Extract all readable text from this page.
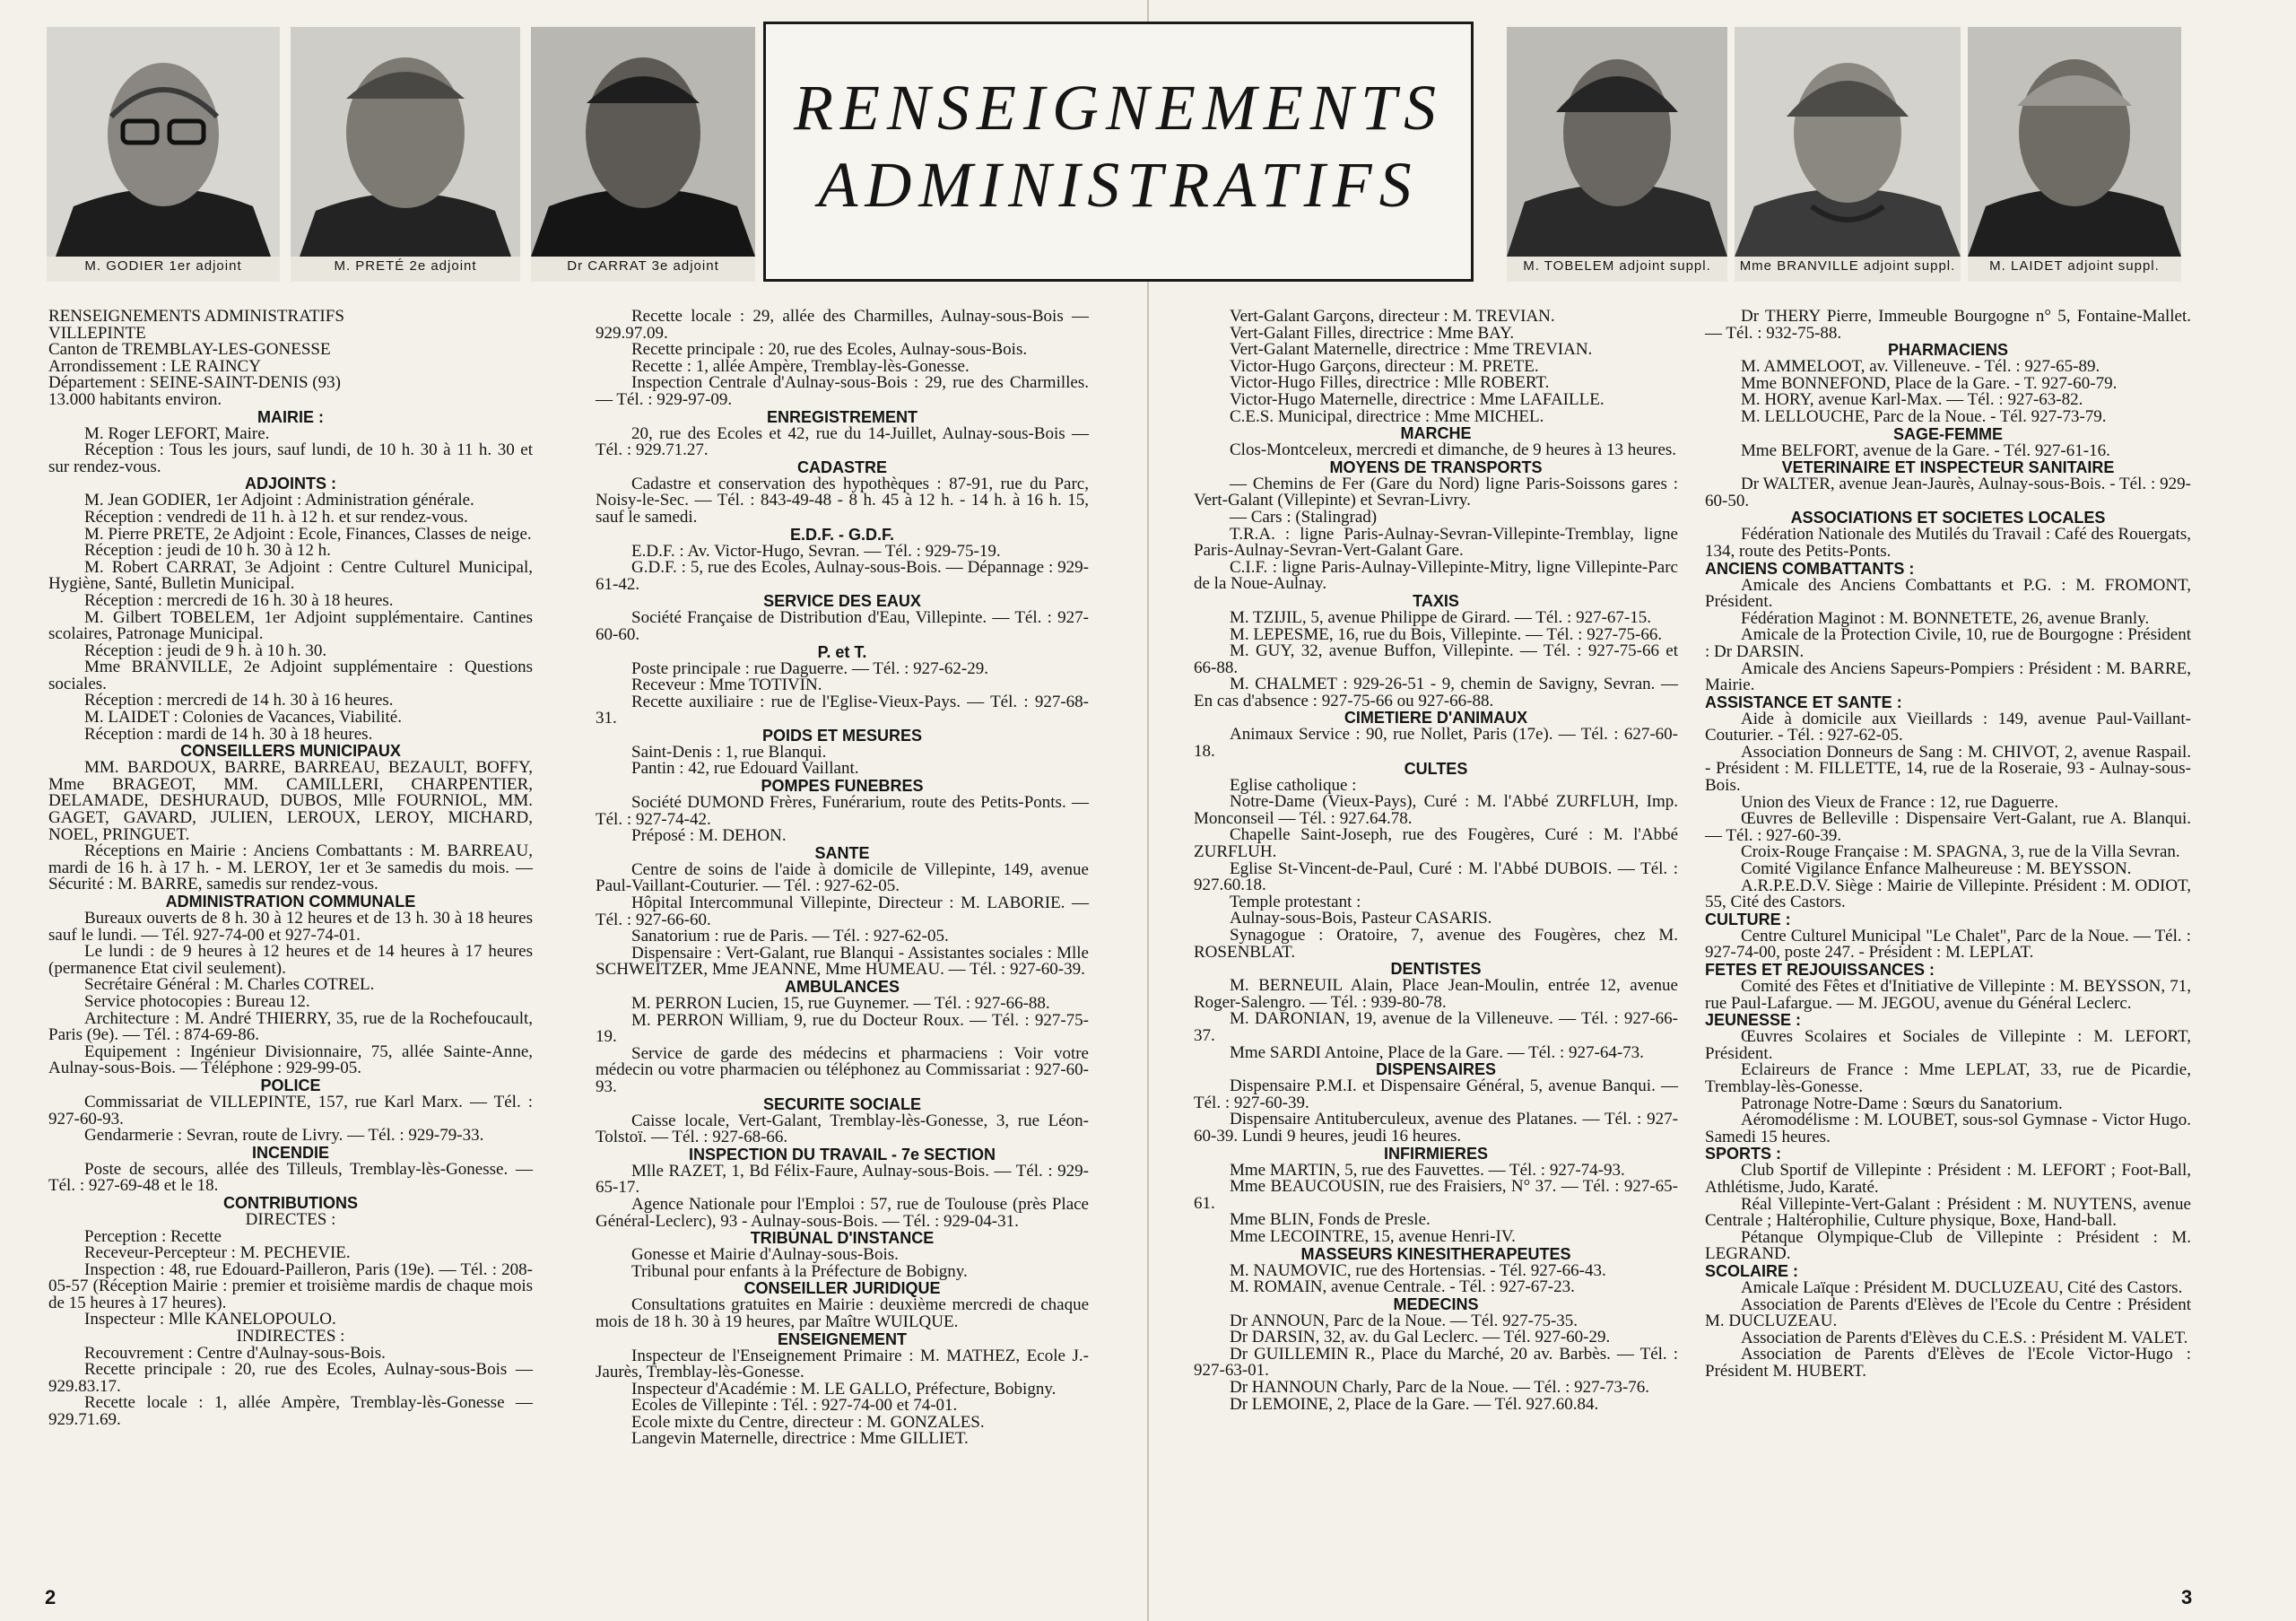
M. GODIER 1er adjoint	M. PRETÉ 2e adjoint	Dr CARRAT 3e adjoint
RENSEIGNEMENTS
ADMINISTRATIFS
M. TOBELEM adjoint suppl.	Mme BRANVILLE adjoint suppl.	M. LAIDET adjoint suppl.

RENSEIGNEMENTS ADMINISTRATIFS

VILLEPINTE

Canton de TREMBLAY-LES-GONESSE

Arrondissement : LE RAINCY

Département : SEINE-SAINT-DENIS (93)

13.000 habitants environ.

MAIRIE :

M. Roger LEFORT, Maire.

Réception : Tous les jours, sauf lundi, de 10 h. 30 à 11 h. 30 et sur rendez-vous.

ADJOINTS :

M. Jean GODIER, 1er Adjoint : Administration générale.

Réception : vendredi de 11 h. à 12 h. et sur rendez-vous.

M. Pierre PRETE, 2e Adjoint : Ecole, Finances, Classes de neige.

Réception : jeudi de 10 h. 30 à 12 h.

M. Robert CARRAT, 3e Adjoint : Centre Culturel Municipal, Hygiène, Santé, Bulletin Municipal.

Réception : mercredi de 16 h. 30 à 18 heures.

M. Gilbert TOBELEM, 1er Adjoint supplémentaire. Cantines scolaires, Patronage Municipal.

Réception : jeudi de 9 h. à 10 h. 30.

Mme BRANVILLE, 2e Adjoint supplémentaire : Questions sociales.

Réception : mercredi de 14 h. 30 à 16 heures.

M. LAIDET : Colonies de Vacances, Viabilité.

Réception : mardi de 14 h. 30 à 18 heures.

CONSEILLERS MUNICIPAUX

MM. BARDOUX, BARRE, BARREAU, BEZAULT, BOFFY, Mme BRAGEOT, MM. CAMILLERI, CHARPENTIER, DELAMADE, DESHURAUD, DUBOS, Mlle FOURNIOL, MM. GAGET, GAVARD, JULIEN, LEROUX, LEROY, MICHARD, NOEL, PRINGUET.

Réceptions en Mairie : Anciens Combattants : M. BARREAU, mardi de 16 h. à 17 h. - M. LEROY, 1er et 3e samedis du mois. — Sécurité : M. BARRE, samedis sur rendez-vous.

ADMINISTRATION COMMUNALE

Bureaux ouverts de 8 h. 30 à 12 heures et de 13 h. 30 à 18 heures sauf le lundi. — Tél. 927-74-00 et 927-74-01.

Le lundi : de 9 heures à 12 heures et de 14 heures à 17 heures (permanence Etat civil seulement).

Secrétaire Général : M. Charles COTREL.

Service photocopies : Bureau 12.

Architecture : M. André THIERRY, 35, rue de la Rochefoucault, Paris (9e). — Tél. : 874-69-86.

Equipement : Ingénieur Divisionnaire, 75, allée Sainte-Anne, Aulnay-sous-Bois. — Téléphone : 929-99-05.

POLICE

Commissariat de VILLEPINTE, 157, rue Karl Marx. — Tél. : 927-60-93.

Gendarmerie : Sevran, route de Livry. — Tél. : 929-79-33.

INCENDIE

Poste de secours, allée des Tilleuls, Tremblay-lès-Gonesse. — Tél. : 927-69-48 et le 18.

CONTRIBUTIONS

DIRECTES :

Perception : Recette

Receveur-Percepteur : M. PECHEVIE.

Inspection : 48, rue Edouard-Pailleron, Paris (19e). — Tél. : 208-05-57 (Réception Mairie : premier et troisième mardis de chaque mois de 15 heures à 17 heures).

Inspecteur : Mlle KANELOPOULO.

INDIRECTES :

Recouvrement : Centre d'Aulnay-sous-Bois.

Recette principale : 20, rue des Ecoles, Aulnay-sous-Bois — 929.83.17.

Recette locale : 1, allée Ampère, Tremblay-lès-Gonesse — 929.71.69.

Recette locale : 29, allée des Charmilles, Aulnay-sous-Bois — 929.97.09.

Recette principale : 20, rue des Ecoles, Aulnay-sous-Bois.

Recette : 1, allée Ampère, Tremblay-lès-Gonesse.

Inspection Centrale d'Aulnay-sous-Bois : 29, rue des Charmilles. — Tél. : 929-97-09.

ENREGISTREMENT

20, rue des Ecoles et 42, rue du 14-Juillet, Aulnay-sous-Bois — Tél. : 929.71.27.

CADASTRE

Cadastre et conservation des hypothèques : 87-91, rue du Parc, Noisy-le-Sec. — Tél. : 843-49-48 - 8 h. 45 à 12 h. - 14 h. à 16 h. 15, sauf le samedi.

E.D.F. - G.D.F.

E.D.F. : Av. Victor-Hugo, Sevran. — Tél. : 929-75-19.

G.D.F. : 5, rue des Ecoles, Aulnay-sous-Bois. — Dépannage : 929-61-42.

SERVICE DES EAUX

Société Française de Distribution d'Eau, Villepinte. — Tél. : 927-60-60.

P. et T.

Poste principale : rue Daguerre. — Tél. : 927-62-29.

Receveur : Mme TOTIVIN.

Recette auxiliaire : rue de l'Eglise-Vieux-Pays. — Tél. : 927-68-31.

POIDS ET MESURES

Saint-Denis : 1, rue Blanqui.

Pantin : 42, rue Edouard Vaillant.

POMPES FUNEBRES

Société DUMOND Frères, Funérarium, route des Petits-Ponts. — Tél. : 927-74-42.

Préposé : M. DEHON.

SANTE

Centre de soins de l'aide à domicile de Villepinte, 149, avenue Paul-Vaillant-Couturier. — Tél. : 927-62-05.

Hôpital Intercommunal Villepinte, Directeur : M. LABORIE. — Tél. : 927-66-60.

Sanatorium : rue de Paris. — Tél. : 927-62-05.

Dispensaire : Vert-Galant, rue Blanqui - Assistantes sociales : Mlle SCHWEITZER, Mme JEANNE, Mme HUMEAU. — Tél. : 927-60-39.

AMBULANCES

M. PERRON Lucien, 15, rue Guynemer. — Tél. : 927-66-88.

M. PERRON William, 9, rue du Docteur Roux. — Tél. : 927-75-19.

Service de garde des médecins et pharmaciens : Voir votre médecin ou votre pharmacien ou téléphonez au Commissariat : 927-60-93.

SECURITE SOCIALE

Caisse locale, Vert-Galant, Tremblay-lès-Gonesse, 3, rue Léon-Tolstoï. — Tél. : 927-68-66.

INSPECTION DU TRAVAIL - 7e SECTION

Mlle RAZET, 1, Bd Félix-Faure, Aulnay-sous-Bois. — Tél. : 929-65-17.

Agence Nationale pour l'Emploi : 57, rue de Toulouse (près Place Général-Leclerc), 93 - Aulnay-sous-Bois. — Tél. : 929-04-31.

TRIBUNAL D'INSTANCE

Gonesse et Mairie d'Aulnay-sous-Bois.

Tribunal pour enfants à la Préfecture de Bobigny.

CONSEILLER JURIDIQUE

Consultations gratuites en Mairie : deuxième mercredi de chaque mois de 18 h. 30 à 19 heures, par Maître WUILQUE.

ENSEIGNEMENT

Inspecteur de l'Enseignement Primaire : M. MATHEZ, Ecole J.-Jaurès, Tremblay-lès-Gonesse.

Inspecteur d'Académie : M. LE GALLO, Préfecture, Bobigny.

Ecoles de Villepinte : Tél. : 927-74-00 et 74-01.

Ecole mixte du Centre, directeur : M. GONZALES.

Langevin Maternelle, directrice : Mme GILLIET.

Vert-Galant Garçons, directeur : M. TREVIAN.

Vert-Galant Filles, directrice : Mme BAY.

Vert-Galant Maternelle, directrice : Mme TREVIAN.

Victor-Hugo Garçons, directeur : M. PRETE.

Victor-Hugo Filles, directrice : Mlle ROBERT.

Victor-Hugo Maternelle, directrice : Mme LAFAILLE.

C.E.S. Municipal, directrice : Mme MICHEL.

MARCHE

Clos-Montceleux, mercredi et dimanche, de 9 heures à 13 heures.

MOYENS DE TRANSPORTS

— Chemins de Fer (Gare du Nord) ligne Paris-Soissons gares : Vert-Galant (Villepinte) et Sevran-Livry.

— Cars : (Stalingrad)

T.R.A. : ligne Paris-Aulnay-Sevran-Villepinte-Tremblay, ligne Paris-Aulnay-Sevran-Vert-Galant Gare.

C.I.F. : ligne Paris-Aulnay-Villepinte-Mitry, ligne Villepinte-Parc de la Noue-Aulnay.

TAXIS

M. TZIJIL, 5, avenue Philippe de Girard. — Tél. : 927-67-15.

M. LEPESME, 16, rue du Bois, Villepinte. — Tél. : 927-75-66.

M. GUY, 32, avenue Buffon, Villepinte. — Tél. : 927-75-66 et 66-88.

M. CHALMET : 929-26-51 - 9, chemin de Savigny, Sevran. — En cas d'absence : 927-75-66 ou 927-66-88.

CIMETIERE D'ANIMAUX

Animaux Service : 90, rue Nollet, Paris (17e). — Tél. : 627-60-18.

CULTES

Eglise catholique :

Notre-Dame (Vieux-Pays), Curé : M. l'Abbé ZURFLUH, Imp. Monconseil — Tél. : 927.64.78.

Chapelle Saint-Joseph, rue des Fougères, Curé : M. l'Abbé ZURFLUH.

Eglise St-Vincent-de-Paul, Curé : M. l'Abbé DUBOIS. — Tél. : 927.60.18.

Temple protestant :

Aulnay-sous-Bois, Pasteur CASARIS.

Synagogue : Oratoire, 7, avenue des Fougères, chez M. ROSENBLAT.

DENTISTES

M. BERNEUIL Alain, Place Jean-Moulin, entrée 12, avenue Roger-Salengro. — Tél. : 939-80-78.

M. DARONIAN, 19, avenue de la Villeneuve. — Tél. : 927-66-37.

Mme SARDI Antoine, Place de la Gare. — Tél. : 927-64-73.

DISPENSAIRES

Dispensaire P.M.I. et Dispensaire Général, 5, avenue Banqui. — Tél. : 927-60-39.

Dispensaire Antituberculeux, avenue des Platanes. — Tél. : 927-60-39. Lundi 9 heures, jeudi 16 heures.

INFIRMIERES

Mme MARTIN, 5, rue des Fauvettes. — Tél. : 927-74-93.

Mme BEAUCOUSIN, rue des Fraisiers, N° 37. — Tél. : 927-65-61.

Mme BLIN, Fonds de Presle.

Mme LECOINTRE, 15, avenue Henri-IV.

MASSEURS KINESITHERAPEUTES

M. NAUMOVIC, rue des Hortensias. - Tél. 927-66-43.

M. ROMAIN, avenue Centrale. - Tél. : 927-67-23.

MEDECINS

Dr ANNOUN, Parc de la Noue. — Tél. 927-75-35.

Dr DARSIN, 32, av. du Gal Leclerc. — Tél. 927-60-29.

Dr GUILLEMIN R., Place du Marché, 20 av. Barbès. — Tél. : 927-63-01.

Dr HANNOUN Charly, Parc de la Noue. — Tél. : 927-73-76.

Dr LEMOINE, 2, Place de la Gare. — Tél. 927.60.84.

Dr THERY Pierre, Immeuble Bourgogne n° 5, Fontaine-Mallet. — Tél. : 932-75-88.

PHARMACIENS

M. AMMELOOT, av. Villeneuve. - Tél. : 927-65-89.

Mme BONNEFOND, Place de la Gare. - T. 927-60-79.

M. HORY, avenue Karl-Max. — Tél. : 927-63-82.

M. LELLOUCHE, Parc de la Noue. - Tél. 927-73-79.

SAGE-FEMME

Mme BELFORT, avenue de la Gare. - Tél. 927-61-16.

VETERINAIRE ET INSPECTEUR SANITAIRE

Dr WALTER, avenue Jean-Jaurès, Aulnay-sous-Bois. - Tél. : 929-60-50.

ASSOCIATIONS ET SOCIETES LOCALES

Fédération Nationale des Mutilés du Travail : Café des Rouergats, 134, route des Petits-Ponts.

ANCIENS COMBATTANTS :

Amicale des Anciens Combattants et P.G. : M. FROMONT, Président.

Fédération Maginot : M. BONNETETE, 26, avenue Branly.

Amicale de la Protection Civile, 10, rue de Bourgogne : Président : Dr DARSIN.

Amicale des Anciens Sapeurs-Pompiers : Président : M. BARRE, Mairie.

ASSISTANCE ET SANTE :

Aide à domicile aux Vieillards : 149, avenue Paul-Vaillant-Couturier. - Tél. : 927-62-05.

Association Donneurs de Sang : M. CHIVOT, 2, avenue Raspail. - Président : M. FILLETTE, 14, rue de la Roseraie, 93 - Aulnay-sous-Bois.

Union des Vieux de France : 12, rue Daguerre.

Œuvres de Belleville : Dispensaire Vert-Galant, rue A. Blanqui. — Tél. : 927-60-39.

Croix-Rouge Française : M. SPAGNA, 3, rue de la Villa Sevran.

Comité Vigilance Enfance Malheureuse : M. BEYSSON.

A.R.P.E.D.V. Siège : Mairie de Villepinte. Président : M. ODIOT, 55, Cité des Castors.

CULTURE :

Centre Culturel Municipal "Le Chalet", Parc de la Noue. — Tél. : 927-74-00, poste 247. - Président : M. LEPLAT.

FETES ET REJOUISSANCES :

Comité des Fêtes et d'Initiative de Villepinte : M. BEYSSON, 71, rue Paul-Lafargue. — M. JEGOU, avenue du Général Leclerc.

JEUNESSE :

Œuvres Scolaires et Sociales de Villepinte : M. LEFORT, Président.

Eclaireurs de France : Mme LEPLAT, 33, rue de Picardie, Tremblay-lès-Gonesse.

Patronage Notre-Dame : Sœurs du Sanatorium.

Aéromodélisme : M. LOUBET, sous-sol Gymnase - Victor Hugo. Samedi 15 heures.

SPORTS :

Club Sportif de Villepinte : Président : M. LEFORT ; Foot-Ball, Athlétisme, Judo, Karaté.

Réal Villepinte-Vert-Galant : Président : M. NUYTENS, avenue Centrale ; Haltérophilie, Culture physique, Boxe, Hand-ball.

Pétanque Olympique-Club de Villepinte : Président : M. LEGRAND.

SCOLAIRE :

Amicale Laïque : Président M. DUCLUZEAU, Cité des Castors.

Association de Parents d'Elèves de l'Ecole du Centre : Président M. DUCLUZEAU.

Association de Parents d'Elèves du C.E.S. : Président M. VALET.

Association de Parents d'Elèves de l'Ecole Victor-Hugo : Président M. HUBERT.

2	3
